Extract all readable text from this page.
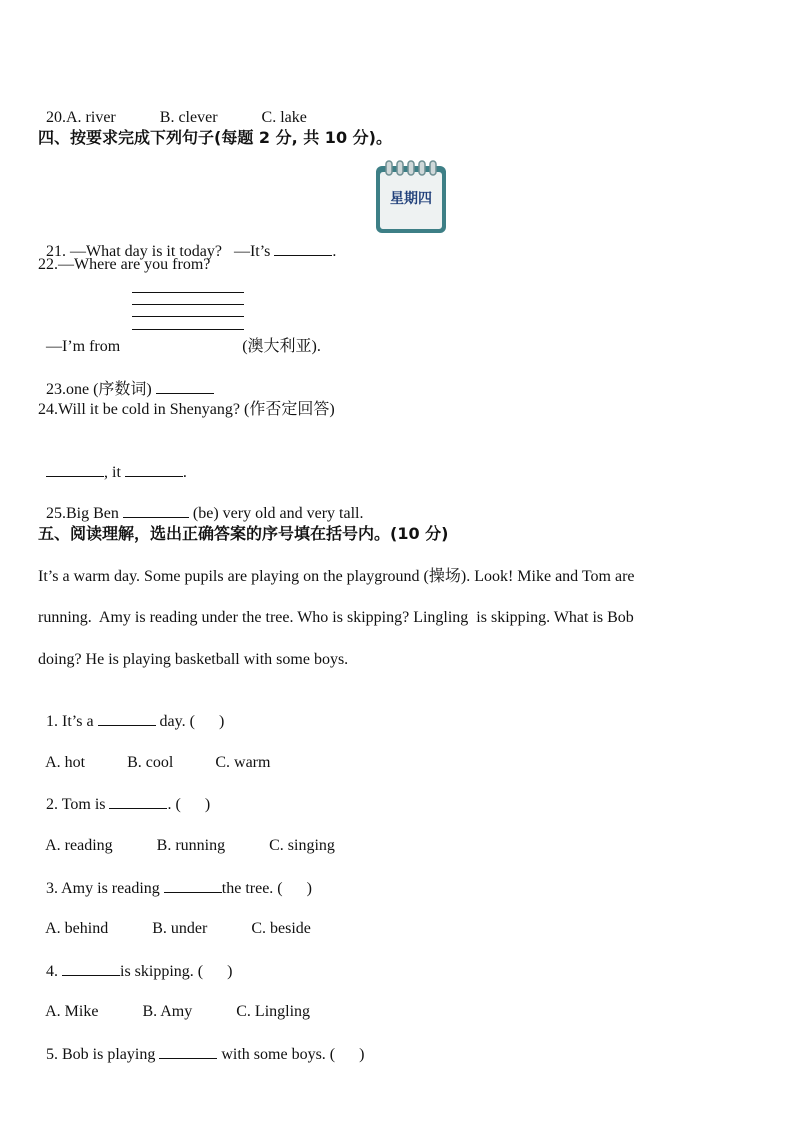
20.A. river	B. clever	C. lake

四、按要求完成下列句子(每题 2 分, 共 10 分)。
星期四

21. —What day is it today?   —It’s	.

22.—Where are you from?

—I’m from	(澳大利亚).

23.one (序数词)

24.Will it be cold in Shenyang? (作否定回答)

, it	.

25.Big Ben	(be) very old and very tall.

五、阅读理解，选出正确答案的序号填在括号内。(10 分)
It’s a warm day. Some pupils are playing on the playground (操场). Look! Mike and Tom are
running.  Amy is reading under the tree. Who is skipping? Lingling  is skipping. What is Bob
doing? He is playing basketball with some boys.

1. It’s a	day. (      )

A. hot	B. cool	C. warm

2. Tom is	. (      )

A. reading	B. running	C. singing

3. Amy is reading	the tree. (      )

A. behind	B. under	C. beside

4.	is skipping. (      )

A. Mike	B. Amy	C. Lingling

5. Bob is playing	with some boys. (      )
